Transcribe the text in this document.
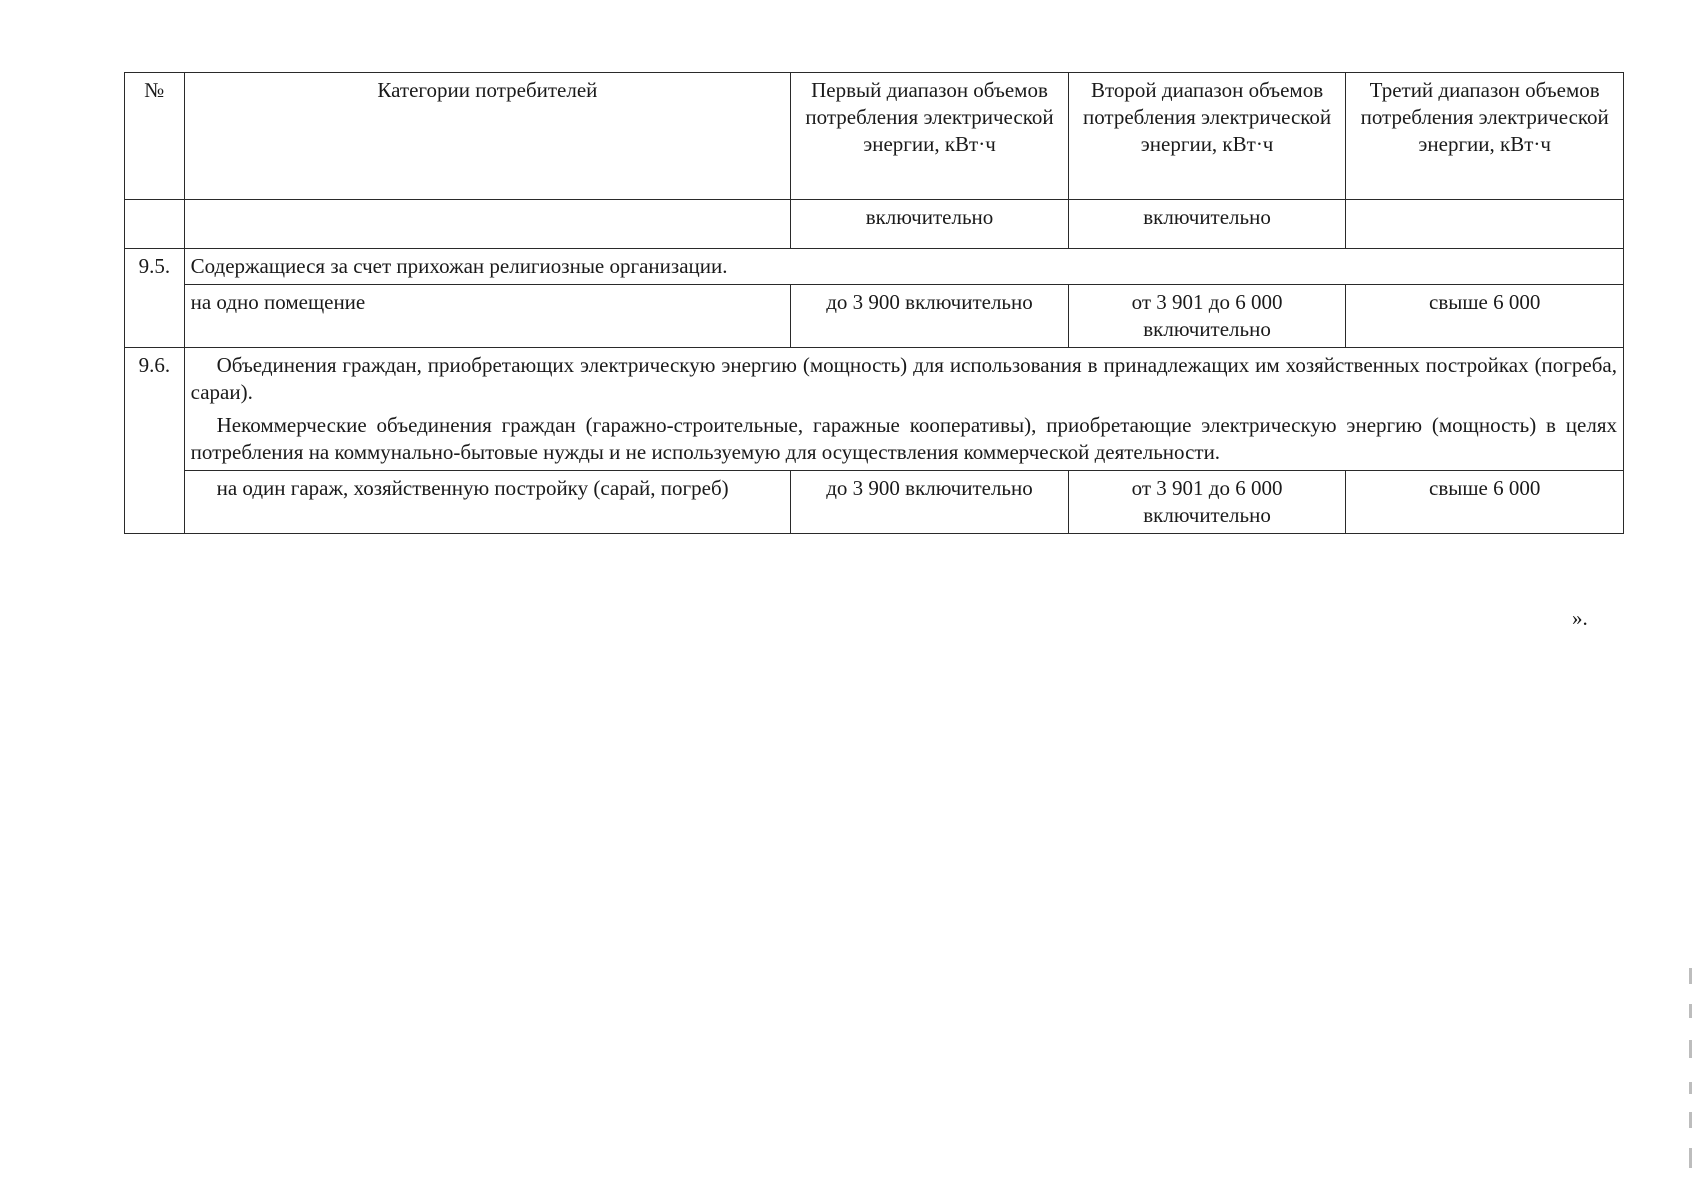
№	Категории потребителей	Первый диапазон объемов потребления электрической энергии, кВт·ч	Второй диапазон объемов потребления электрической энергии, кВт·ч	Третий диапазон объемов потребления электрической энергии, кВт·ч
		включительно	включительно	
9.5.	Содержащиеся за счет прихожан религиозные организации.			
	на одно помещение	до 3 900 включительно	от 3 901 до 6 000 включительно	свыше 6 000
9.6.	Объединения граждан, приобретающих электрическую энергию (мощность) для использования в принадлежащих им хозяйственных постройках (погреба, сараи).

Некоммерческие объединения граждан (гаражно-строительные, гаражные кооперативы), приобретающие электрическую энергию (мощность) в целях потребления на коммунально-бытовые нужды и не используемую для осуществления коммерческой деятельности.			

	на один гараж, хозяйственную постройку (сарай, погреб)	до 3 900 включительно	от 3 901 до 6 000 включительно	свыше 6 000
».
